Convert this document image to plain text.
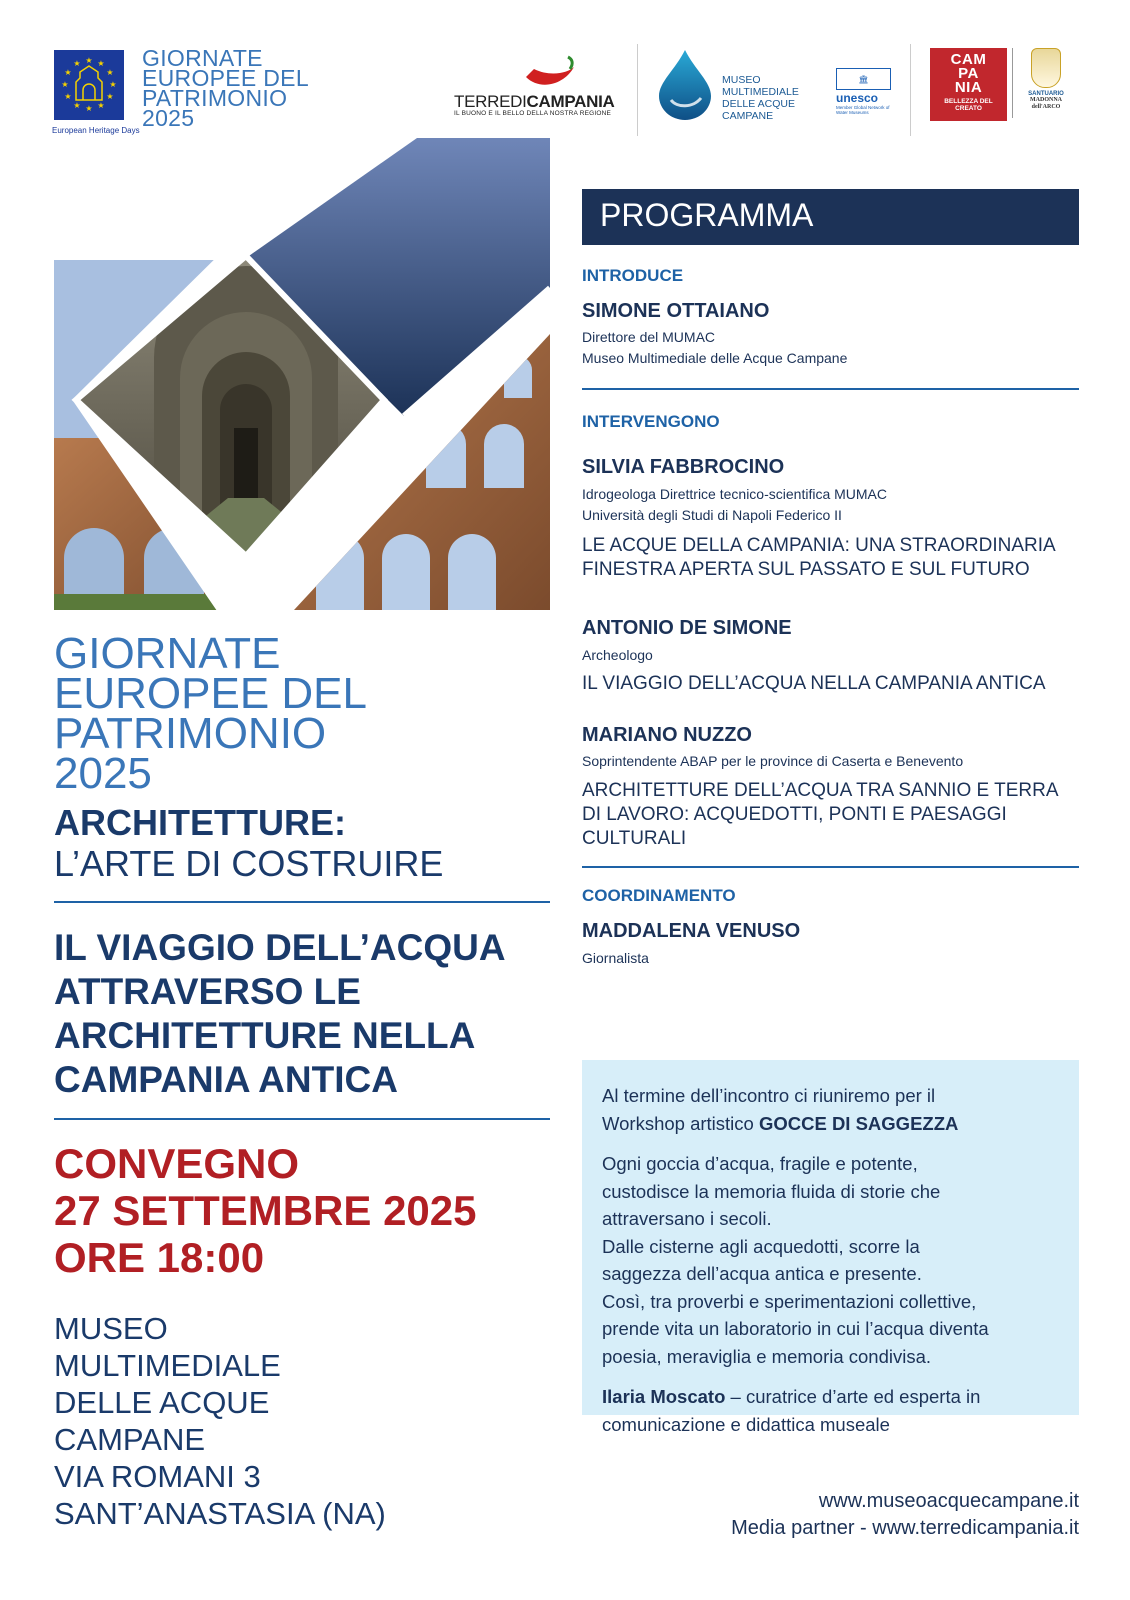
★ ★
★
★
★
★
★
★
★
★
★
★
European Heritage Days
GIORNATE
EUROPEE DEL
PATRIMONIO
2025
TERREDICAMPANIA
IL BUONO E IL BELLO DELLA NOSTRA REGIONE
MUSEO
MULTIMEDIALE
DELLE ACQUE
CAMPANE
🏛
unesco
Member Global Network of Water Museums
CAM
PA
NIA
BELLEZZA DEL CREATO
SANTUARIO
MADONNA dell'ARCO
GIORNATE
EUROPEE DEL
PATRIMONIO
2025
ARCHITETTURE:
L’ARTE DI COSTRUIRE
IL VIAGGIO DELL’ACQUA
ATTRAVERSO LE
ARCHITETTURE NELLA
CAMPANIA ANTICA
CONVEGNO
27 SETTEMBRE 2025
ORE 18:00
MUSEO
MULTIMEDIALE
DELLE ACQUE
CAMPANE
VIA ROMANI 3
SANT’ANASTASIA (NA)
PROGRAMMA
INTRODUCE
SIMONE OTTAIANO
Direttore del MUMAC
Museo Multimediale delle Acque Campane
INTERVENGONO
SILVIA FABBROCINO
Idrogeologa Direttrice tecnico-scientifica MUMAC
Università degli Studi di Napoli Federico II
LE ACQUE DELLA CAMPANIA: UNA STRAORDINARIA
FINESTRA APERTA SUL PASSATO E SUL FUTURO
ANTONIO DE SIMONE
Archeologo
IL VIAGGIO DELL’ACQUA NELLA CAMPANIA ANTICA
MARIANO NUZZO
Soprintendente ABAP per le province di Caserta e Benevento
ARCHITETTURE DELL’ACQUA TRA SANNIO E TERRA
DI LAVORO: ACQUEDOTTI, PONTI E PAESAGGI
CULTURALI
COORDINAMENTO
MADDALENA VENUSO
Giornalista

Al termine dell’incontro ci riuniremo per il
Workshop artistico GOCCE DI SAGGEZZA

Ogni goccia d’acqua, fragile e potente,
custodisce la memoria fluida di storie che
attraversano i secoli.
Dalle cisterne agli acquedotti, scorre la
saggezza dell’acqua antica e presente.
Così, tra proverbi e sperimentazioni collettive,
prende vita un laboratorio in cui l’acqua diventa
poesia, meraviglia e memoria condivisa.

Ilaria Moscato – curatrice d’arte ed esperta in
comunicazione e didattica museale

www.museoacquecampane.it
Media partner - www.terredicampania.it
